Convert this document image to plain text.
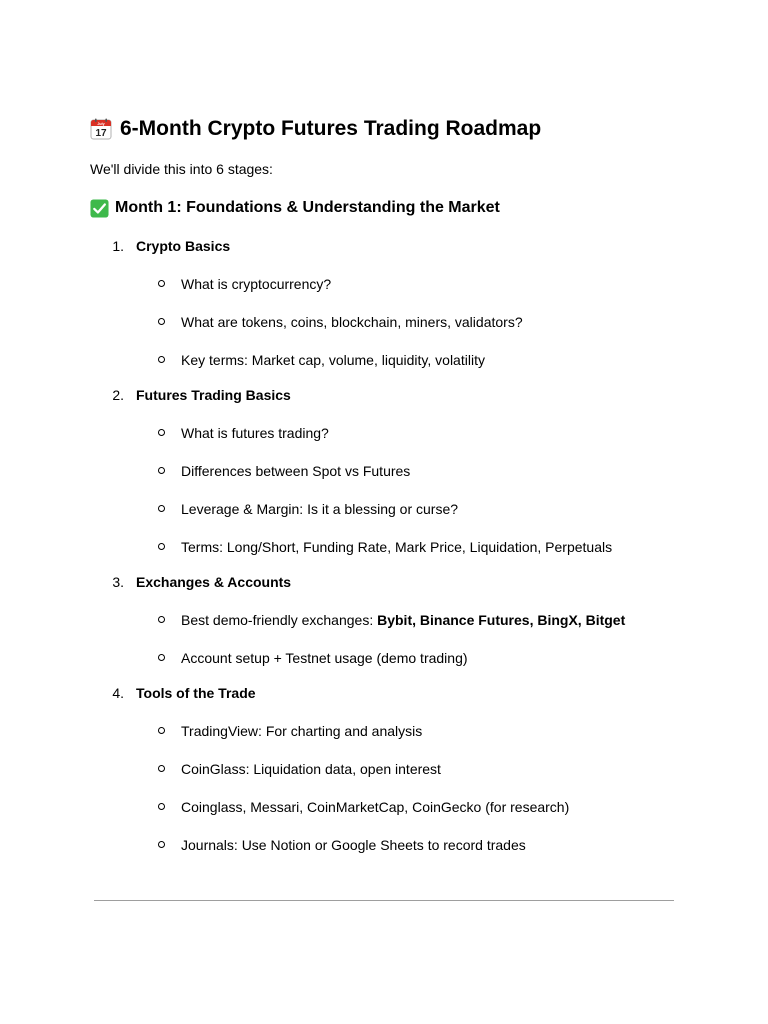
July
17 6-Month Crypto Futures Trading Roadmap
We'll divide this into 6 stages:
Month 1: Foundations & Understanding the Market
1. Crypto Basics
What is cryptocurrency?
What are tokens, coins, blockchain, miners, validators?
Key terms: Market cap, volume, liquidity, volatility
2. Futures Trading Basics
What is futures trading?
Differences between Spot vs Futures
Leverage & Margin: Is it a blessing or curse?
Terms: Long/Short, Funding Rate, Mark Price, Liquidation, Perpetuals
3. Exchanges & Accounts
Best demo-friendly exchanges: Bybit, Binance Futures, BingX, Bitget
Account setup + Testnet usage (demo trading)
4. Tools of the Trade
TradingView: For charting and analysis
CoinGlass: Liquidation data, open interest
Coinglass, Messari, CoinMarketCap, CoinGecko (for research)
Journals: Use Notion or Google Sheets to record trades
